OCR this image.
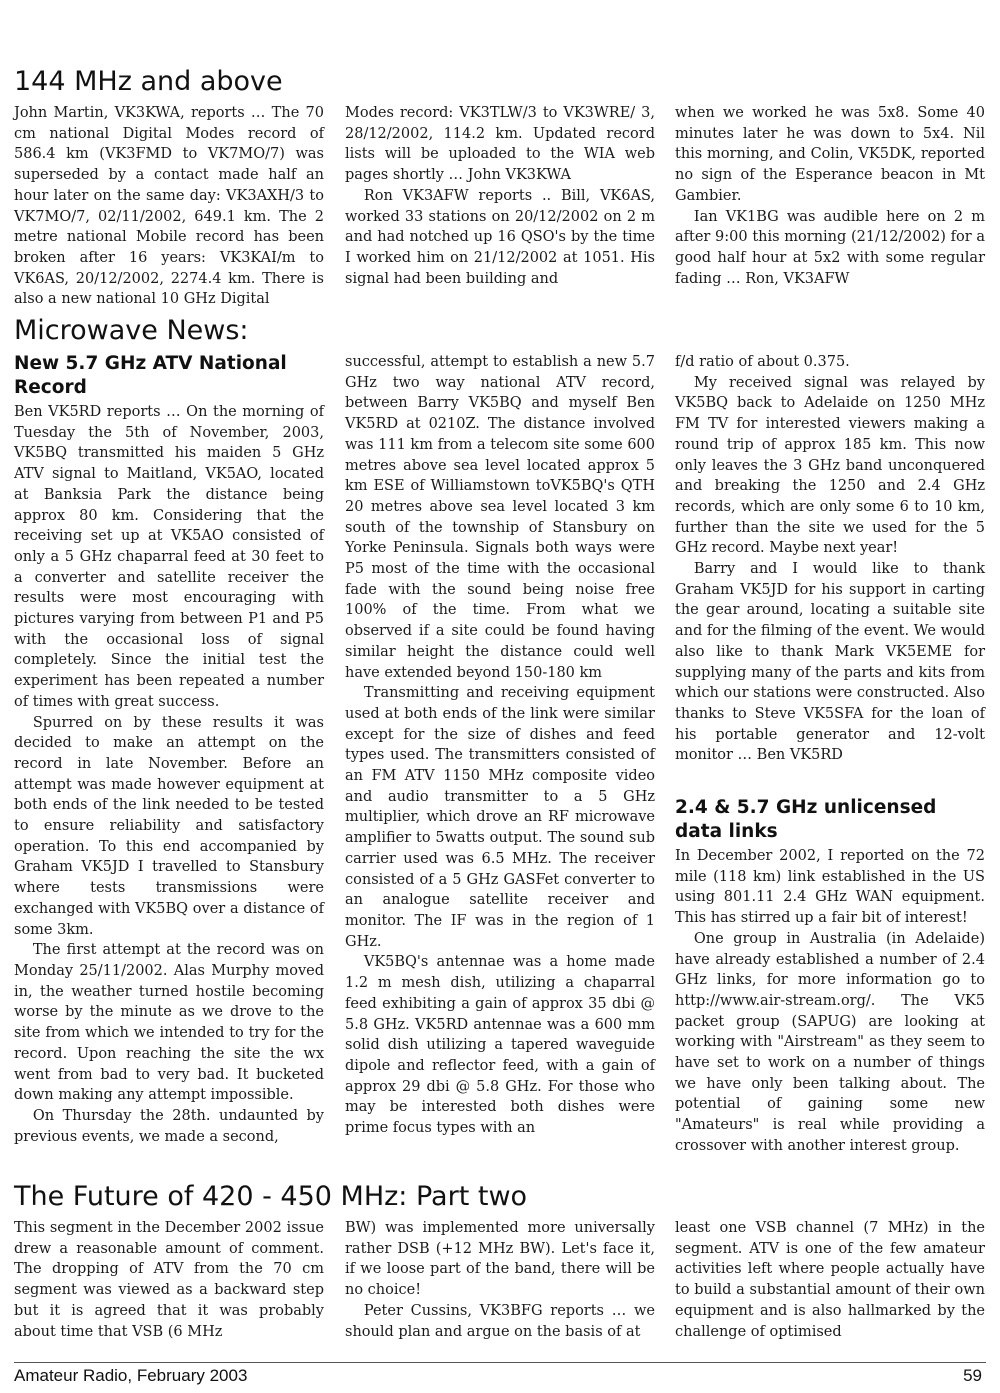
144 MHz and above

John Martin, VK3KWA, reports … The 70 cm national Digital Modes record of 586.4 km (VK3FMD to VK7MO/7) was superseded by a contact made half an hour later on the same day: VK3AXH/3 to VK7MO/7, 02/11/2002, 649.1 km. The 2 metre national Mobile record has been broken after 16 years: VK3KAI/m to VK6AS, 20/12/2002, 2274.4 km. There is also a new national 10 GHz Digital

Modes record: VK3TLW/3 to VK3WRE/ 3, 28/12/2002, 114.2 km. Updated record lists will be uploaded to the WIA web pages shortly … John VK3KWA

Ron VK3AFW reports .. Bill, VK6AS, worked 33 stations on 20/12/2002 on 2 m and had notched up 16 QSO's by the time I worked him on 21/12/2002 at 1051. His signal had been building and

when we worked he was 5x8. Some 40 minutes later he was down to 5x4. Nil this morning, and Colin, VK5DK, reported no sign of the Esperance beacon in Mt Gambier.

Ian VK1BG was audible here on 2 m after 9:00 this morning (21/12/2002) for a good half hour at 5x2 with some regular fading … Ron, VK3AFW

Microwave News:
New 5.7 GHz ATV National Record

Ben VK5RD reports … On the morning of Tuesday the 5th of November, 2003, VK5BQ transmitted his maiden 5 GHz ATV signal to Maitland, VK5AO, located at Banksia Park the distance being approx 80 km. Considering that the receiving set up at VK5AO consisted of only a 5 GHz chaparral feed at 30 feet to a converter and satellite receiver the results were most encouraging with pictures varying from between P1 and P5 with the occasional loss of signal completely. Since the initial test the experiment has been repeated a number of times with great success.

Spurred on by these results it was decided to make an attempt on the record in late November. Before an attempt was made however equipment at both ends of the link needed to be tested to ensure reliability and satisfactory operation. To this end accompanied by Graham VK5JD I travelled to Stansbury where tests transmissions were exchanged with VK5BQ over a distance of some 3km.

The first attempt at the record was on Monday 25/11/2002. Alas Murphy moved in, the weather turned hostile becoming worse by the minute as we drove to the site from which we intended to try for the record. Upon reaching the site the wx went from bad to very bad. It bucketed down making any attempt impossible.

On Thursday the 28th. undaunted by previous events, we made a second,

successful, attempt to establish a new 5.7 GHz two way national ATV record, between Barry VK5BQ and myself Ben VK5RD at 0210Z. The distance involved was 111 km from a telecom site some 600 metres above sea level located approx 5 km ESE of Williamstown toVK5BQ's QTH 20 metres above sea level located 3 km south of the township of Stansbury on Yorke Peninsula. Signals both ways were P5 most of the time with the occasional fade with the sound being noise free 100% of the time. From what we observed if a site could be found having similar height the distance could well have extended beyond 150-180 km

Transmitting and receiving equipment used at both ends of the link were similar except for the size of dishes and feed types used. The transmitters consisted of an FM ATV 1150 MHz composite video and audio transmitter to a 5 GHz multiplier, which drove an RF microwave amplifier to 5watts output. The sound sub carrier used was 6.5 MHz. The receiver consisted of a 5 GHz GASFet converter to an analogue satellite receiver and monitor. The IF was in the region of 1 GHz.

VK5BQ's antennae was a home made 1.2 m mesh dish, utilizing a chaparral feed exhibiting a gain of approx 35 dbi @ 5.8 GHz. VK5RD antennae was a 600 mm solid dish utilizing a tapered waveguide dipole and reflector feed, with a gain of approx 29 dbi @ 5.8 GHz. For those who may be interested both dishes were prime focus types with an

f/d ratio of about 0.375.

My received signal was relayed by VK5BQ back to Adelaide on 1250 MHz FM TV for interested viewers making a round trip of approx 185 km. This now only leaves the 3 GHz band unconquered and breaking the 1250 and 2.4 GHz records, which are only some 6 to 10 km, further than the site we used for the 5 GHz record. Maybe next year!

Barry and I would like to thank Graham VK5JD for his support in carting the gear around, locating a suitable site and for the filming of the event. We would also like to thank Mark VK5EME for supplying many of the parts and kits from which our stations were constructed. Also thanks to Steve VK5SFA for the loan of his portable generator and 12-volt monitor … Ben VK5RD

2.4 & 5.7 GHz unlicensed data links

In December 2002, I reported on the 72 mile (118 km) link established in the US using 801.11 2.4 GHz WAN equipment. This has stirred up a fair bit of interest!

One group in Australia (in Adelaide) have already established a number of 2.4 GHz links, for more information go to http://www.air-stream.org/. The VK5 packet group (SAPUG) are looking at working with "Airstream" as they seem to have set to work on a number of things we have only been talking about. The potential of gaining some new "Amateurs" is real while providing a crossover with another interest group.

The Future of 420 - 450 MHz: Part two

This segment in the December 2002 issue drew a reasonable amount of comment. The dropping of ATV from the 70 cm segment was viewed as a backward step but it is agreed that it was probably about time that VSB (6 MHz

BW) was implemented more universally rather DSB (+12 MHz BW). Let's face it, if we loose part of the band, there will be no choice!

Peter Cussins, VK3BFG reports … we should plan and argue on the basis of at

least one VSB channel (7 MHz) in the segment. ATV is one of the few amateur activities left where people actually have to build a substantial amount of their own equipment and is also hallmarked by the challenge of optimised

Amateur Radio, February 2003	59
